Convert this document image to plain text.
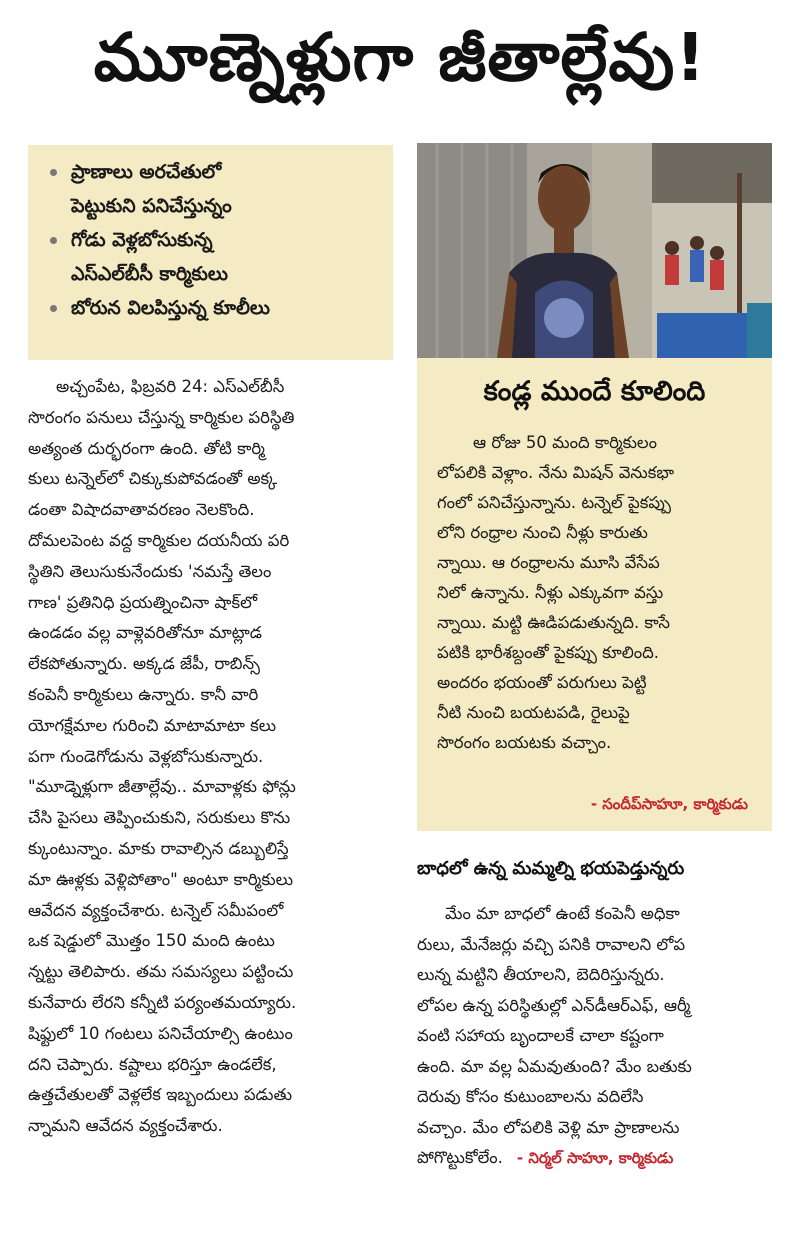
మూణ్నెళ్లుగా జీతాల్లేవు!
ప్రాణాలు అరచేతులో
పెట్టుకుని పనిచేస్తున్నం
గోడు వెళ్లబోసుకున్న
ఎస్ఎల్‌బీసీ కార్మికులు
బోరున విలపిస్తున్న కూలీలు

అచ్చంపేట, ఫిబ్రవరి 24: ఎస్ఎల్‌బీసీ

సొరంగం పనులు చేస్తున్న కార్మికుల పరిస్థితి

అత్యంత దుర్భరంగా ఉంది. తోటి కార్మి

కులు టన్నెల్‌లో చిక్కుకుపోవడంతో అక్క

డంతా విషాదవాతావరణం నెలకొంది.

దోమలపెంట వద్ద కార్మికుల దయనీయ పరి

స్థితిని తెలుసుకునేందుకు 'నమస్తే తెలం

గాణ' ప్రతినిధి ప్రయత్నించినా షాక్‌లో

ఉండడం వల్ల వాళ్లెవరితోనూ మాట్లాడ

లేకపోతున్నారు. అక్కడ జేపీ, రాబిన్స్

కంపెనీ కార్మికులు ఉన్నారు. కానీ వారి

యోగక్షేమాల గురించి మాటామాటా కలు

పగా గుండెగోడును వెళ్లబోసుకున్నారు.

"మూడ్నెళ్లుగా జీతాల్లేవు.. మావాళ్లకు ఫోన్లు

చేసి పైసలు తెప్పించుకుని, సరుకులు కొను

క్కుంటున్నాం. మాకు రావాల్సిన డబ్బులిస్తే

మా ఊళ్లకు వెళ్లిపోతాం" అంటూ కార్మికులు

ఆవేదన వ్యక్తంచేశారు. టన్నెల్ సమీపంలో

ఒక షెడ్డులో మొత్తం 150 మంది ఉంటు

న్నట్టు తెలిపారు. తమ సమస్యలు పట్టించు

కునేవారు లేరని కన్నీటి పర్యంతమయ్యారు.

షిఫ్టులో 10 గంటలు పనిచేయాల్సి ఉంటుం

దని చెప్పారు. కష్టాలు భరిస్తూ ఉండలేక,

ఉత్తచేతులతో వెళ్లలేక ఇబ్బందులు పడుతు

న్నామని ఆవేదన వ్యక్తంచేశారు.

కండ్ల ముందే కూలింది

ఆ రోజు 50 మంది కార్మికులం

లోపలికి వెళ్లాం. నేను మిషన్ వెనుకభా

గంలో పనిచేస్తున్నాను. టన్నెల్ పైకప్పు

లోని రంధ్రాల నుంచి నీళ్లు కారుతు

న్నాయి. ఆ రంధ్రాలను మూసి వేసేప

నిలో ఉన్నాను. నీళ్లు ఎక్కువగా వస్తు

న్నాయి. మట్టి ఊడిపడుతున్నది. కాసే

పటికి భారీశబ్దంతో పైకప్పు కూలింది.

అందరం భయంతో పరుగులు పెట్టి

నీటి నుంచి బయటపడి, రైలుపై

సొరంగం బయటకు వచ్చాం.

- సందీప్‌సాహూ, కార్మికుడు
బాధలో ఉన్న మమ్మల్ని భయపెడ్తున్నరు

మేం మా బాధలో ఉంటే కంపెనీ అధికా

రులు, మేనేజర్లు వచ్చి పనికి రావాలని లోప

లున్న మట్టిని తీయాలని, బెదిరిస్తున్నరు.

లోపల ఉన్న పరిస్థితుల్లో ఎన్‌డీఆర్ఎఫ్, ఆర్మీ

వంటి సహాయ బృందాలకే చాలా కష్టంగా

ఉంది. మా వల్ల ఏమవుతుంది? మేం బతుకు

దెరువు కోసం కుటుంబాలను వదిలేసి

వచ్చాం. మేం లోపలికి వెళ్లి మా ప్రాణాలను

పోగొట్టుకోలేం. - నిర్మల్ సాహూ, కార్మికుడు
